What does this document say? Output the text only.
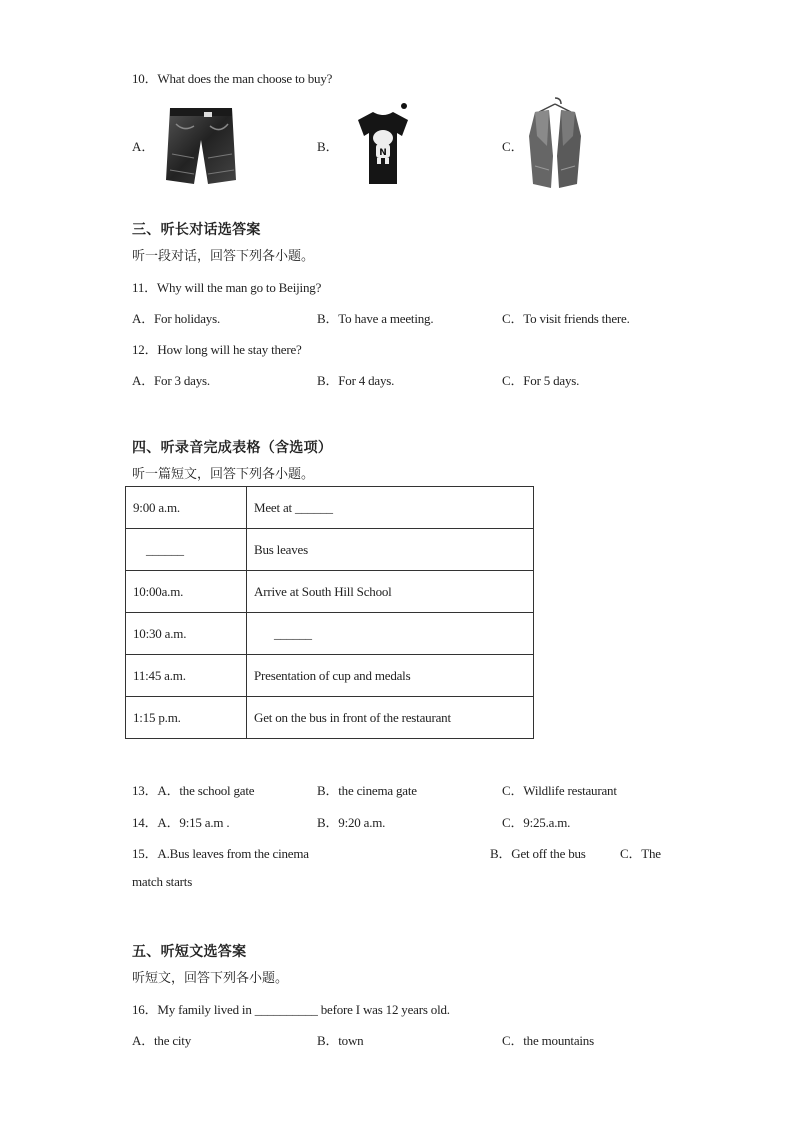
10．What does the man choose to buy?
A．	B．	C．
N
三、听长对话选答案
听一段对话，回答下列各小题。
11．Why will the man go to Beijing?
A．For holidays.	B．To have a meeting.	C．To visit friends there.
12．How long will he stay there?
A．For 3 days.	B．For 4 days.	C．For 5 days.
四、听录音完成表格（含选项）
听一篇短文，回答下列各小题。
9:00 a.m.	Meet at ______
______	Bus leaves
10:00a.m.	Arrive at South Hill School
10:30 a.m.	______
11:45 a.m.	Presentation of cup and medals
1:15 p.m.	Get on the bus in front of the restaurant
13．A．the school gate	B．the cinema gate	C．Wildlife restaurant
14．A．9:15 a.m .	B．9:20 a.m.	C．9:25.a.m.
15．A.Bus leaves from the cinema	B．Get off the bus	C．The
match starts
五、听短文选答案
听短文，回答下列各小题。
16．My family lived in __________ before I was 12 years old.
A．the city	B．town	C．the mountains
